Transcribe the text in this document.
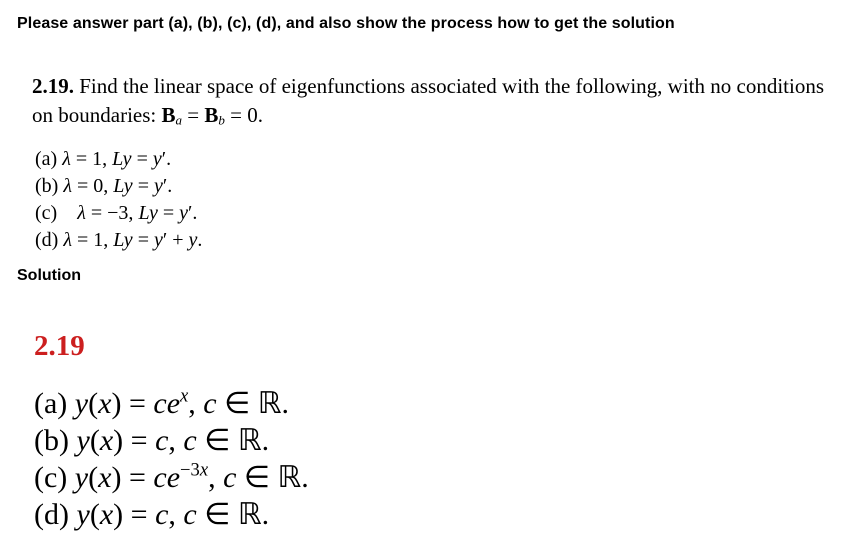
Please answer part (a), (b), (c), (d), and also show the process how to get the solution
2.19. Find the linear space of eigenfunctions associated with the following, with no conditions on boundaries: $B_a = B_b = 0$.
(a) λ = 1, Ly = y′.
(b) λ = 0, Ly = y′.
(c) λ = −3, Ly = y′.
(d) λ = 1, Ly = y′ + y.
Solution
2.19
(a) $y(x) = ce^x$, c ∈ ℝ.
(b) y(x) = c, c ∈ ℝ.
(c) $y(x) = ce^{-3x}$, c ∈ ℝ.
(d) y(x) = c, c ∈ ℝ.
